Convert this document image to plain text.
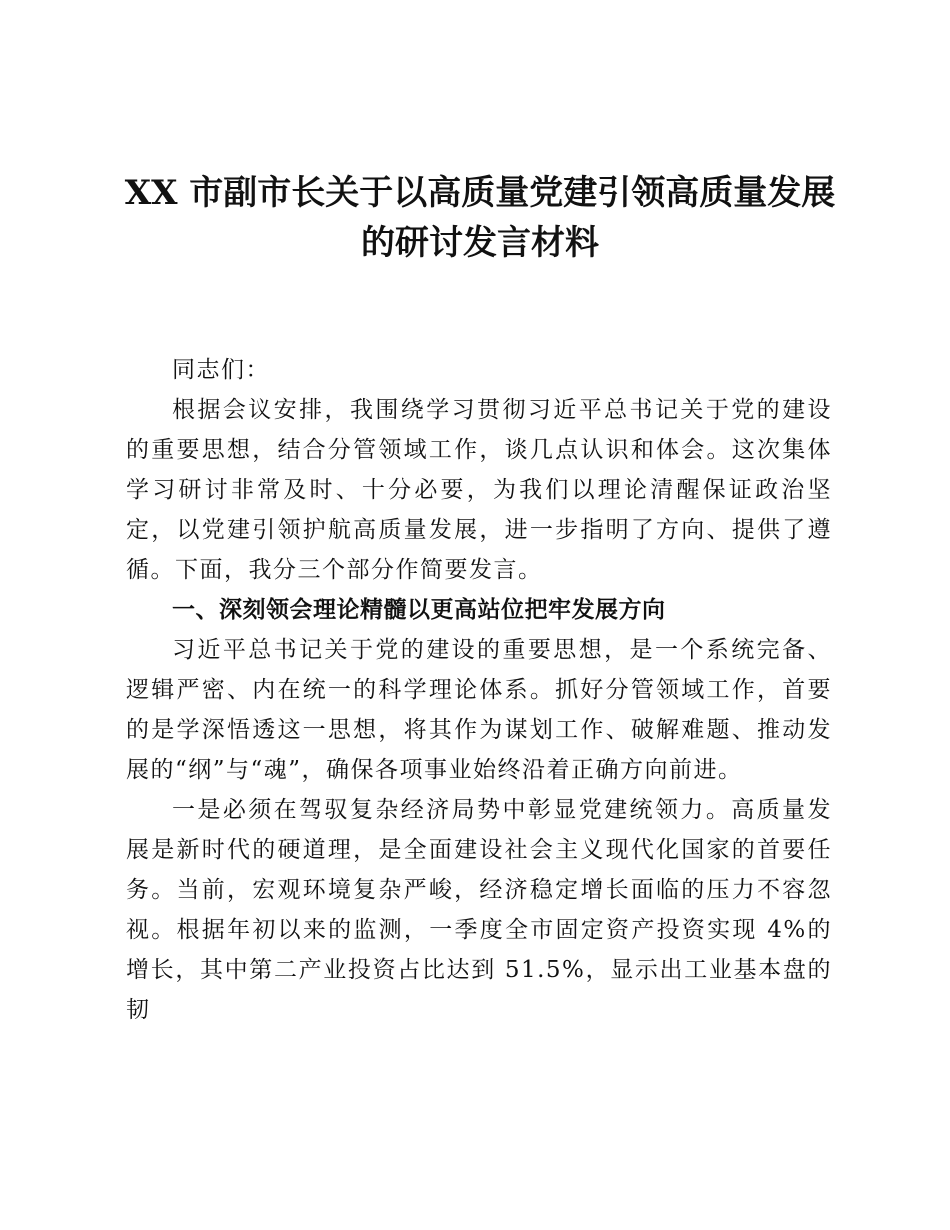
XX 市副市长关于以高质量党建引领高质量发展
的研讨发言材料

同志们：

根据会议安排，我围绕学习贯彻习近平总书记关于党的建设的重要思想，结合分管领域工作，谈几点认识和体会。这次集体学习研讨非常及时、十分必要，为我们以理论清醒保证政治坚定，以党建引领护航高质量发展，进一步指明了方向、提供了遵循。下面，我分三个部分作简要发言。

一、深刻领会理论精髓以更高站位把牢发展方向

习近平总书记关于党的建设的重要思想，是一个系统完备、逻辑严密、内在统一的科学理论体系。抓好分管领域工作，首要的是学深悟透这一思想，将其作为谋划工作、破解难题、推动发展的“纲”与“魂”，确保各项事业始终沿着正确方向前进。

一是必须在驾驭复杂经济局势中彰显党建统领力。高质量发展是新时代的硬道理，是全面建设社会主义现代化国家的首要任务。当前，宏观环境复杂严峻，经济稳定增长面临的压力不容忽视。根据年初以来的监测，一季度全市固定资产投资实现 4%的增长，其中第二产业投资占比达到 51.5%，显示出工业基本盘的韧
